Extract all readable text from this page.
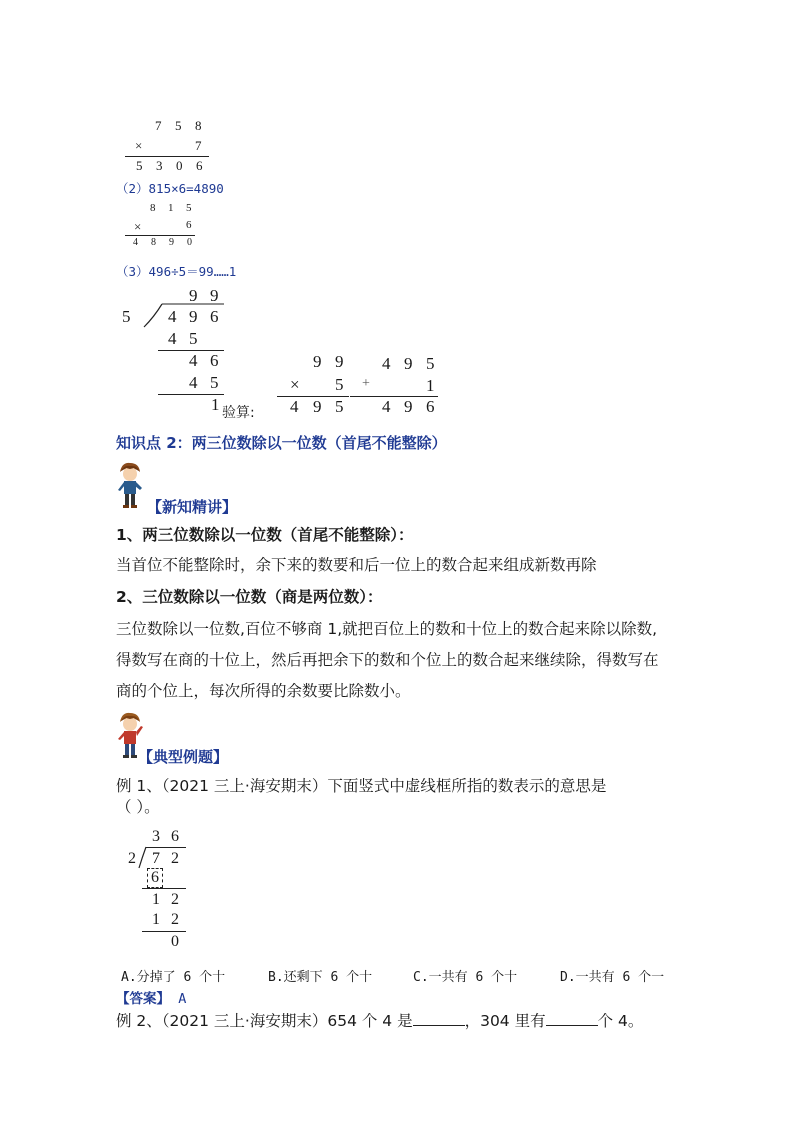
7 5 8
×	7
5 3 0 6
（2）815×6=4890
8 1 5
×	6
4 8 9 0
（3）496÷5＝99……1
9 9
5 4 9 6
4 5
4 6
4 5
1 验算:
9 9
× 5
4 9 5
4 9 5
+	1
4 9 6
知识点 2：两三位数除以一位数（首尾不能整除）
【新知精讲】
1、两三位数除以一位数（首尾不能整除）：
当首位不能整除时，余下来的数要和后一位上的数合起来组成新数再除
2、三位数除以一位数（商是两位数）：
三位数除以一位数,百位不够商 1,就把百位上的数和十位上的数合起来除以除数,
得数写在商的十位上，然后再把余下的数和个位上的数合起来继续除，得数写在
商的个位上，每次所得的余数要比除数小。
【典型例题】
例 1、（2021 三上·海安期末）下面竖式中虚线框所指的数表示的意思是
（ ）。
3 6
2 7 2
6
1 2
1 2
0
A.分掉了 6 个十	B.还剩下 6 个十	C.一共有 6 个十	D.一共有 6 个一
【答案】 A
例 2、（2021 三上·海安期末）654 个 4 是	，304 里有	个 4。
